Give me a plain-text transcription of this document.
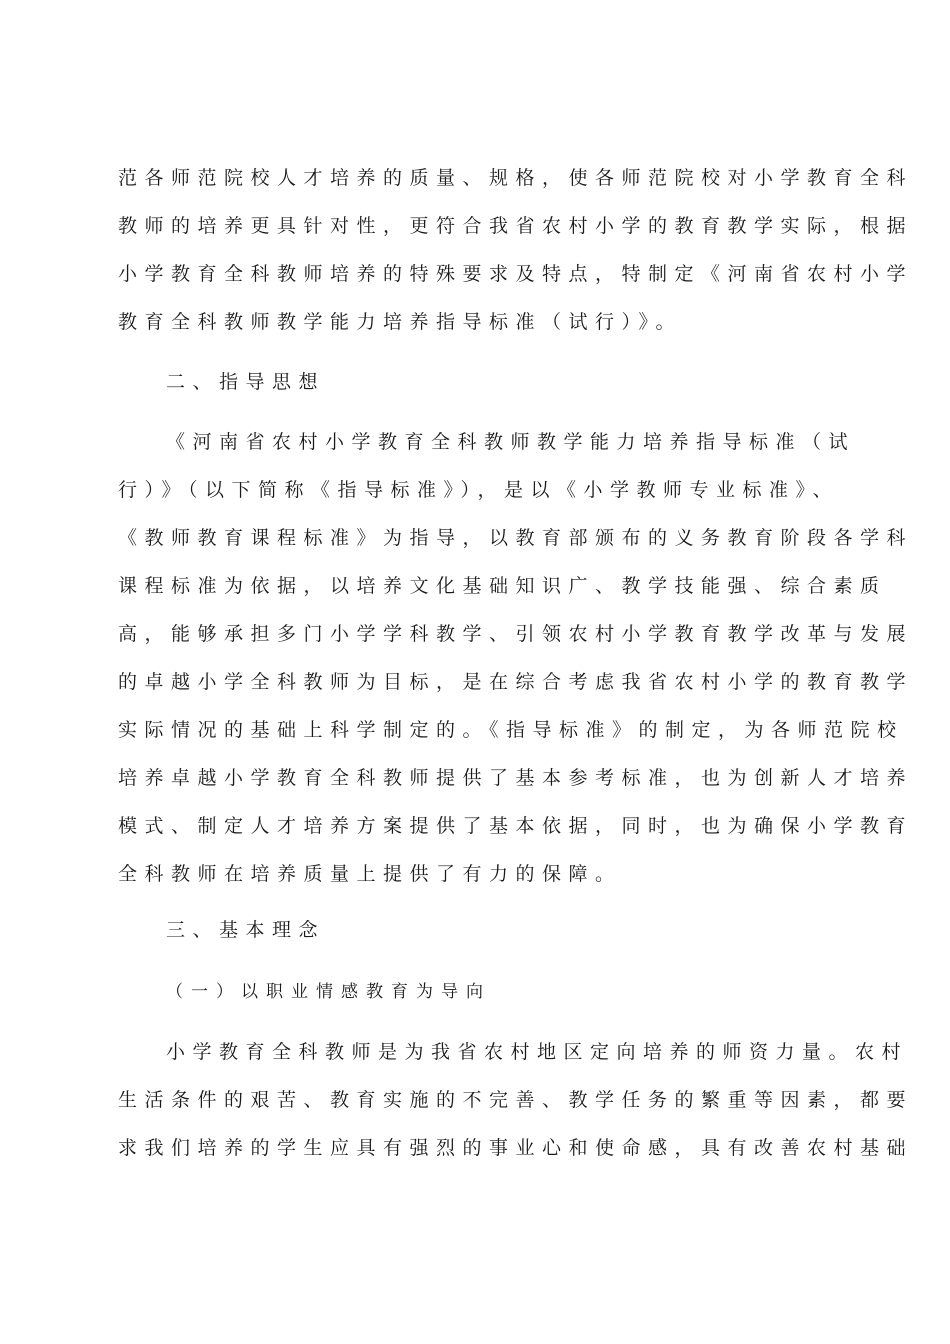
范各师范院校人才培养的质量、规格，使各师范院校对小学教育全科
教师的培养更具针对性，更符合我省农村小学的教育教学实际，根据
小学教育全科教师培养的特殊要求及特点，特制定《河南省农村小学
教育全科教师教学能力培养指导标准（试行）》。
二、指导思想
《河南省农村小学教育全科教师教学能力培养指导标准（试
行）》（以下简称《指导标准》），是以《小学教师专业标准》、
《教师教育课程标准》为指导，以教育部颁布的义务教育阶段各学科
课程标准为依据，以培养文化基础知识广、教学技能强、综合素质
高，能够承担多门小学学科教学、引领农村小学教育教学改革与发展
的卓越小学全科教师为目标，是在综合考虑我省农村小学的教育教学
实际情况的基础上科学制定的。《指导标准》的制定，为各师范院校
培养卓越小学教育全科教师提供了基本参考标准，也为创新人才培养
模式、制定人才培养方案提供了基本依据，同时，也为确保小学教育
全科教师在培养质量上提供了有力的保障。
三、基本理念
（一）以职业情感教育为导向
小学教育全科教师是为我省农村地区定向培养的师资力量。农村
生活条件的艰苦、教育实施的不完善、教学任务的繁重等因素，都要
求我们培养的学生应具有强烈的事业心和使命感，具有改善农村基础
